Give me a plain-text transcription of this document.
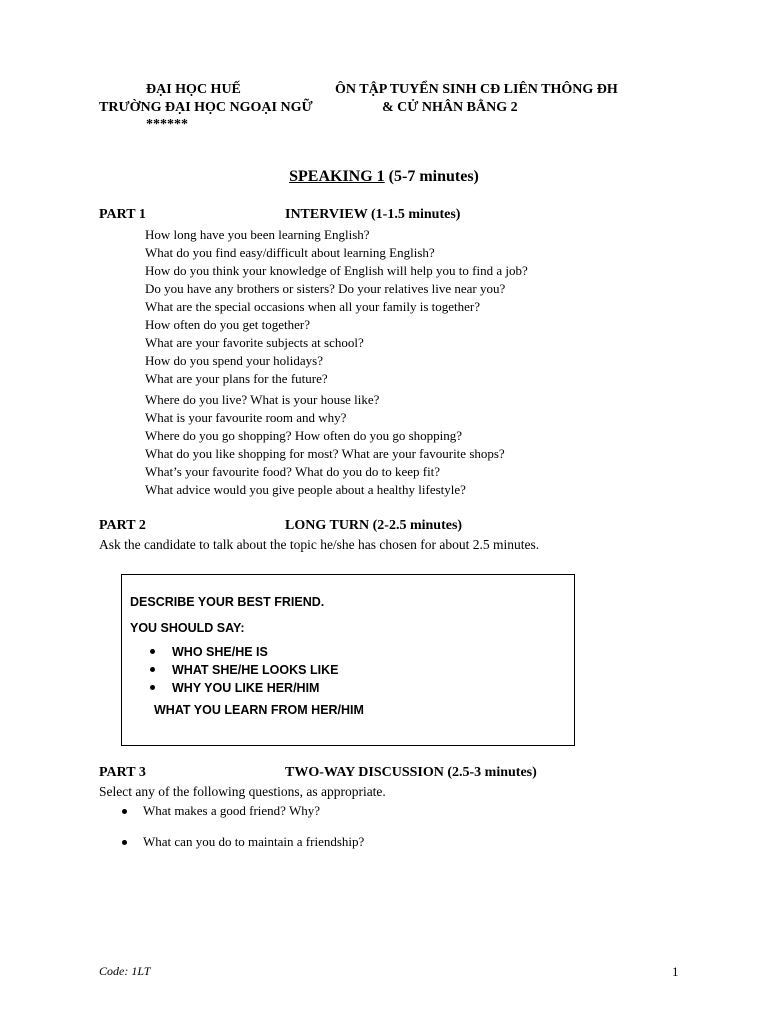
ĐẠI HỌC HUẾ	ÔN TẬP TUYỂN SINH CĐ LIÊN THÔNG ĐH
TRƯỜNG ĐẠI HỌC NGOẠI NGỮ	& CỬ NHÂN BẰNG 2
******
SPEAKING 1 (5-7 minutes)
PART 1	INTERVIEW (1-1.5 minutes)
How long have you been learning English?
What do you find easy/difficult about learning English?
How do you think your knowledge of English will help you to find a job?
Do you have any brothers or sisters? Do your relatives live near you?
What are the special occasions when all your family is together?
How often do you get together?
What are your favorite subjects at school?
How do you spend your holidays?
What are your plans for the future?
Where do you live? What is your house like?
What is your favourite room and why?
Where do you go shopping? How often do you go shopping?
What do you like shopping for most? What are your favourite shops?
What’s your favourite food? What do you do to keep fit?
What advice would you give people about a healthy lifestyle?
PART 2	LONG TURN (2-2.5 minutes)
Ask the candidate to talk about the topic he/she has chosen for about 2.5 minutes.
DESCRIBE YOUR BEST FRIEND.
YOU SHOULD SAY:
WHO SHE/HE IS
WHAT SHE/HE LOOKS LIKE
WHY YOU LIKE HER/HIM
WHAT YOU LEARN FROM HER/HIM
PART 3	TWO-WAY DISCUSSION (2.5-3 minutes)
Select any of the following questions, as appropriate.
What makes a good friend? Why?
What can you do to maintain a friendship?
Code: 1LT	1
